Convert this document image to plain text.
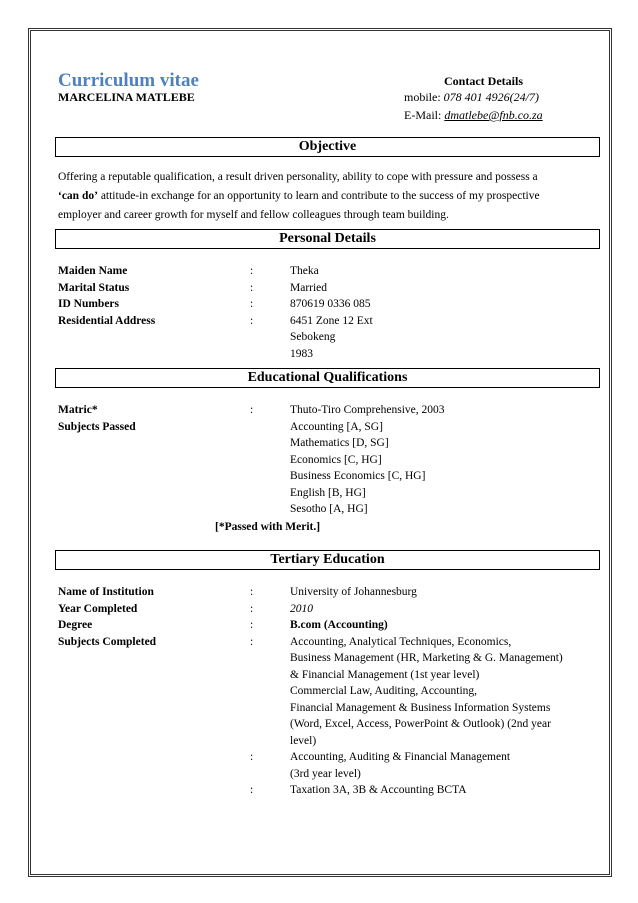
Curriculum vitae
MARCELINA MATLEBE
Contact Details
mobile: 078 401 4926(24/7)
E-Mail: dmatlebe@fnb.co.za
Objective
Offering a reputable qualification, a result driven personality, ability to cope with pressure and possess a
‘can do’ attitude-in exchange for an opportunity to learn and contribute to the success of my prospective
employer and career growth for myself and fellow colleagues through team building.
Personal Details
Maiden Name	:	Theka
Marital Status	:	Married
ID Numbers	:	870619 0336 085
Residential Address	:	6451 Zone 12 Ext
Sebokeng
1983
Educational Qualifications
Matric*	:	Thuto-Tiro Comprehensive, 2003
Subjects Passed	Accounting [A, SG]
Mathematics [D, SG]
Economics [C, HG]
Business Economics [C, HG]
English [B, HG]
Sesotho [A, HG]
[*Passed with Merit.]
Tertiary Education
Name of Institution	:	University of Johannesburg
Year Completed	:	2010
Degree	:	B.com (Accounting)
Subjects Completed	:	Accounting, Analytical Techniques, Economics,
Business Management (HR, Marketing & G. Management)
& Financial Management (1st year level)
Commercial Law, Auditing, Accounting,
Financial Management & Business Information Systems
(Word, Excel, Access, PowerPoint & Outlook) (2nd year
level)
:	Accounting, Auditing & Financial Management
(3rd year level)
:	Taxation 3A, 3B & Accounting BCTA
